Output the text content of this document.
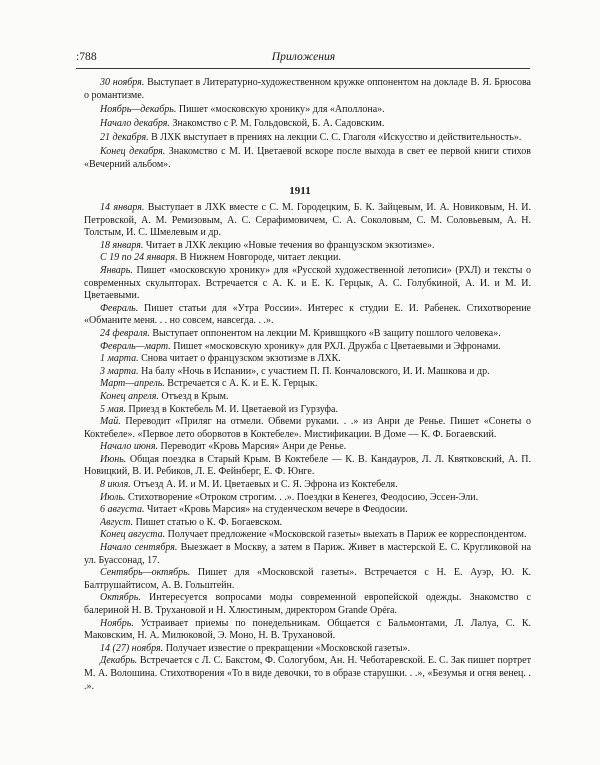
:788	Приложения

30 ноября. Выступает в Литературно-художественном кружке оппонентом на докладе В. Я. Брюсова о романтизме.

Ноябрь—декабрь. Пишет «московскую хронику» для «Аполлона».

Начало декабря. Знакомство с Р. М. Гольдовской, Б. А. Садовским.

21 декабря. В ЛХК выступает в прениях на лекции С. С. Глаголя «Искусство и действительность».

Конец декабря. Знакомство с М. И. Цветаевой вскоре после выхода в свет ее первой книги стихов «Вечерний альбом».

1911

14 января. Выступает в ЛХК вместе с С. М. Городецким, Б. К. Зайцевым, И. А. Новиковым, Н. И. Петровской, А. М. Ремизовым, А. С. Серафимовичем, С. А. Соколовым, С. М. Соловьевым, А. Н. Толстым, И. С. Шмелевым и др.

18 января. Читает в ЛХК лекцию «Новые течения во французском экзотизме».

С 19 по 24 января. В Нижнем Новгороде, читает лекции.

Январь. Пишет «московскую хронику» для «Русской художественной летописи» (РХЛ) и тексты о современных скульпторах. Встречается с А. К. и Е. К. Герцык, А. С. Голубкиной, А. И. и М. И. Цветаевыми.

Февраль. Пишет статьи для «Утра России». Интерес к студии Е. И. Рабенек. Стихотворение «Обманите меня. . . но совсем, навсегда. . .».

24 февраля. Выступает оппонентом на лекции М. Крившцкого «В защиту пошлого человека».

Февраль—март. Пишет «московскую хронику» для РХЛ. Дружба с Цветаевыми и Эфронами.

1 марта. Снова читает о французском экзотизме в ЛХК.

3 марта. На балу «Ночь в Испании», с участием П. П. Кончаловского, И. И. Машкова и др.

Март—апрель. Встречается с А. К. и Е. К. Герцык.

Конец апреля. Отъезд в Крым.

5 мая. Приезд в Коктебель М. И. Цветаевой из Гурзуфа.

Май. Переводит «Приляг на отмели. Обвеми руками. . .» из Анри де Ренье. Пишет «Сонеты о Коктебеле». «Первое лето оборвотов в Коктебеле». Мистификации. В Доме — К. Ф. Богаевский.

Начало июня. Переводит «Кровь Марсия» Анри де Ренье.

Июнь. Общая поездка в Старый Крым. В Коктебеле — К. В. Кандауров, Л. Л. Квятковский, А. П. Новицкий, В. И. Ребиков, Л. Е. Фейнберг, Е. Ф. Юнге.

8 июля. Отъезд А. И. и М. И. Цветаевых и С. Я. Эфрона из Коктебеля.

Июль. Стихотворение «Отроком строгим. . .». Поездки в Кенегез, Феодосию, Эссен-Эли.

6 августа. Читает «Кровь Марсия» на студенческом вечере в Феодосии.

Август. Пишет статью о К. Ф. Богаевском.

Конец августа. Получает предложение «Московской газеты» выехать в Париж ее корреспондентом.

Начало сентября. Выезжает в Москву, а затем в Париж. Живет в мастерской Е. С. Кругликовой на ул. Буассонад, 17.

Сентябрь—октябрь. Пишет для «Московской газеты». Встречается с Н. Е. Ауэр, Ю. К. Балтрушайтисом, А. В. Гольштейн.

Октябрь. Интересуется вопросами моды современной европейской одежды. Знакомство с балериной Н. В. Трухановой и Н. Хлюстиным, директором Grande Opéra.

Ноябрь. Устраивает приемы по понедельникам. Общается с Бальмонтами, Л. Лалуа, С. К. Маковским, Н. А. Милюковой, Э. Моно, Н. В. Трухановой.

14 (27) ноября. Получает известие о прекращении «Московской газеты».

Декабрь. Встречается с Л. С. Бакстом, Ф. Сологубом, Ан. Н. Чеботаревской. Е. С. Зак пишет портрет М. А. Волошина. Стихотворения «То в виде девочки, то в образе старушки. . .», «Безумья и огня венец. . .».
